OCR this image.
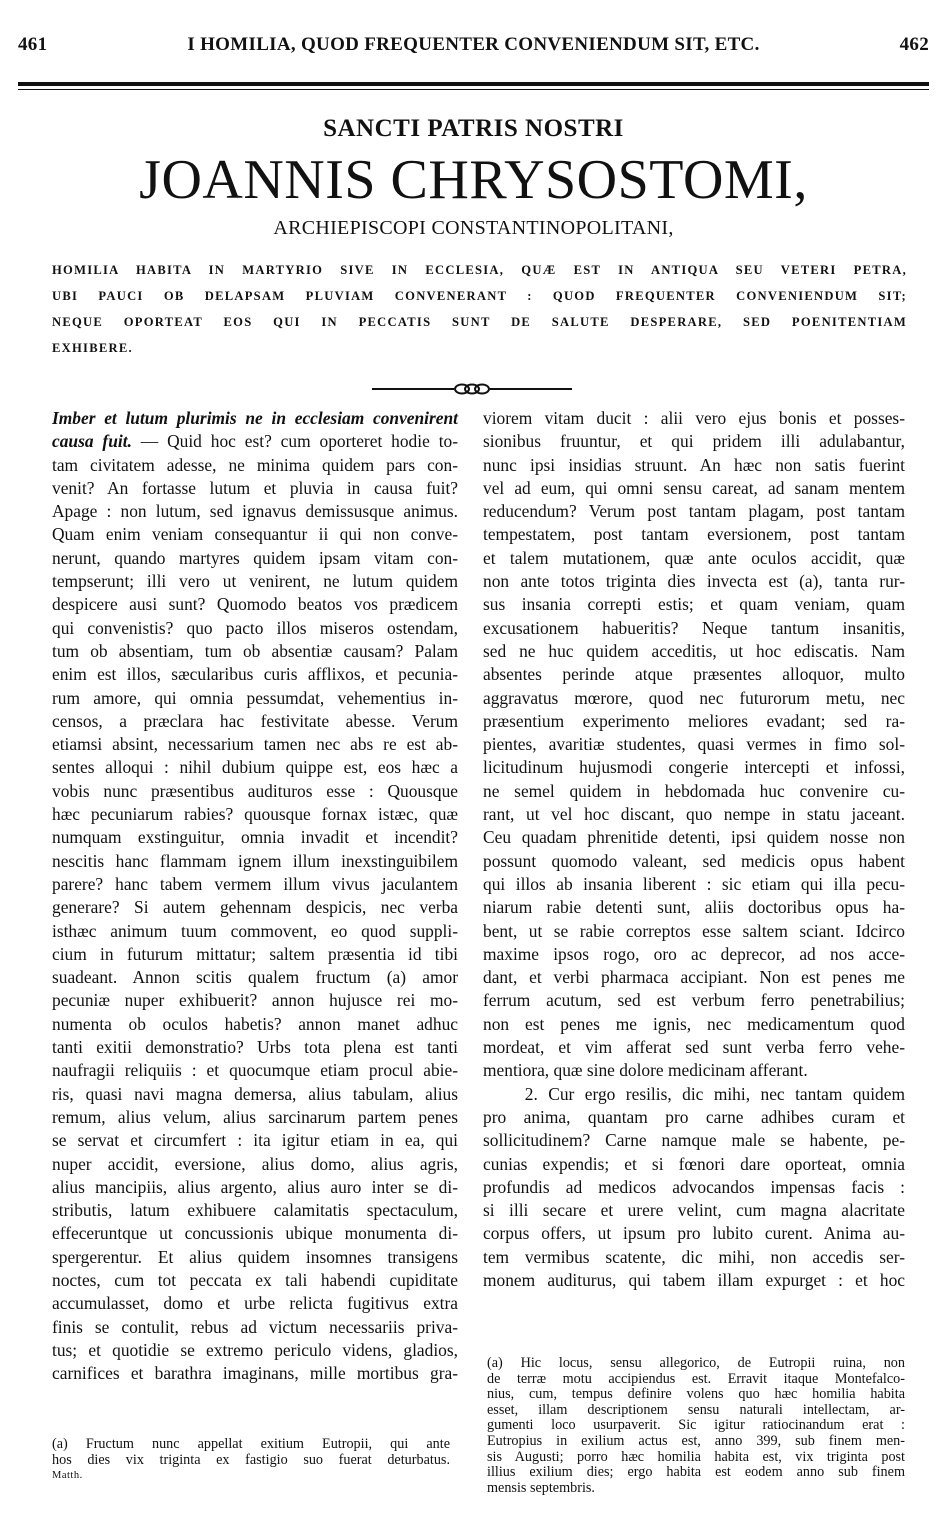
461	I HOMILIA, QUOD FREQUENTER CONVENIENDUM SIT, ETC.	462
SANCTI PATRIS NOSTRI
JOANNIS CHRYSOSTOMI,
ARCHIEPISCOPI CONSTANTINOPOLITANI,
HOMILIA HABITA IN MARTYRIO SIVE IN ECCLESIA, QUÆ EST IN ANTIQUA SEU VETERI PETRA,
UBI PAUCI OB DELAPSAM PLUVIAM CONVENERANT : QUOD FREQUENTER CONVENIENDUM SIT;
NEQUE OPORTEAT EOS QUI IN PECCATIS SUNT DE SALUTE DESPERARE, SED POENITENTIAM
EXHIBERE.
Imber et lutum plurimis ne in ecclesiam convenirent
causa fuit. — Quid hoc est? cum oporteret hodie to-
tam civitatem adesse, ne minima quidem pars con-
venit? An fortasse lutum et pluvia in causa fuit?
Apage : non lutum, sed ignavus demissusque animus.
Quam enim veniam consequantur ii qui non conve-
nerunt, quando martyres quidem ipsam vitam con-
tempserunt; illi vero ut venirent, ne lutum quidem
despicere ausi sunt? Quomodo beatos vos prædicem
qui convenistis? quo pacto illos miseros ostendam,
tum ob absentiam, tum ob absentiæ causam? Palam
enim est illos, sæcularibus curis afflixos, et pecunia-
rum amore, qui omnia pessumdat, vehementius in-
censos, a præclara hac festivitate abesse. Verum
etiamsi absint, necessarium tamen nec abs re est ab-
sentes alloqui : nihil dubium quippe est, eos hæc a
vobis nunc præsentibus audituros esse : Quousque
hæc pecuniarum rabies? quousque fornax istæc, quæ
numquam exstinguitur, omnia invadit et incendit?
nescitis hanc flammam ignem illum inexstinguibilem
parere? hanc tabem vermem illum vivus jaculantem
generare? Si autem gehennam despicis, nec verba
isthæc animum tuum commovent, eo quod suppli-
cium in futurum mittatur; saltem præsentia id tibi
suadeant. Annon scitis qualem fructum (a) amor
pecuniæ nuper exhibuerit? annon hujusce rei mo-
numenta ob oculos habetis? annon manet adhuc
tanti exitii demonstratio? Urbs tota plena est tanti
naufragii reliquiis : et quocumque etiam procul abie-
ris, quasi navi magna demersa, alius tabulam, alius
remum, alius velum, alius sarcinarum partem penes
se servat et circumfert : ita igitur etiam in ea, qui
nuper accidit, eversione, alius domo, alius agris,
alius mancipiis, alius argento, alius auro inter se di-
stributis, latum exhibuere calamitatis spectaculum,
effeceruntque ut concussionis ubique monumenta di-
spergerentur. Et alius quidem insomnes transigens
noctes, cum tot peccata ex tali habendi cupiditate
accumulasset, domo et urbe relicta fugitivus extra
finis se contulit, rebus ad victum necessariis priva-
tus; et quotidie se extremo periculo videns, gladios,
carnifices et barathra imaginans, mille mortibus gra-
viorem vitam ducit : alii vero ejus bonis et posses-
sionibus fruuntur, et qui pridem illi adulabantur,
nunc ipsi insidias struunt. An hæc non satis fuerint
vel ad eum, qui omni sensu careat, ad sanam mentem
reducendum? Verum post tantam plagam, post tantam
tempestatem, post tantam eversionem, post tantam
et talem mutationem, quæ ante oculos accidit, quæ
non ante totos triginta dies invecta est (a), tanta rur-
sus insania correpti estis; et quam veniam, quam
excusationem habueritis? Neque tantum insanitis,
sed ne huc quidem acceditis, ut hoc ediscatis. Nam
absentes perinde atque præsentes alloquor, multo
aggravatus mœrore, quod nec futurorum metu, nec
præsentium experimento meliores evadant; sed ra-
pientes, avaritiæ studentes, quasi vermes in fimo sol-
licitudinum hujusmodi congerie intercepti et infossi,
ne semel quidem in hebdomada huc convenire cu-
rant, ut vel hoc discant, quo nempe in statu jaceant.
Ceu quadam phrenitide detenti, ipsi quidem nosse non
possunt quomodo valeant, sed medicis opus habent
qui illos ab insania liberent : sic etiam qui illa pecu-
niarum rabie detenti sunt, aliis doctoribus opus ha-
bent, ut se rabie correptos esse saltem sciant. Idcirco
maxime ipsos rogo, oro ac deprecor, ad nos acce-
dant, et verbi pharmaca accipiant. Non est penes me
ferrum acutum, sed est verbum ferro penetrabilius;
non est penes me ignis, nec medicamentum quod
mordeat, et vim afferat sed sunt verba ferro vehe-
mentiora, quæ sine dolore medicinam afferant.
2. Cur ergo resilis, dic mihi, nec tantam quidem
pro anima, quantam pro carne adhibes curam et
sollicitudinem? Carne namque male se habente, pe-
cunias expendis; et si fœnori dare oporteat, omnia
profundis ad medicos advocandos impensas facis :
si illi secare et urere velint, cum magna alacritate
corpus offers, ut ipsum pro lubito curent. Anima au-
tem vermibus scatente, dic mihi, non accedis ser-
monem auditurus, qui tabem illam expurget : et hoc
(a) Fructum nunc appellat exitium Eutropii, qui ante
hos dies vix triginta ex fastigio suo fuerat deturbatus.
Matth.
(a) Hic locus, sensu allegorico, de Eutropii ruina, non
de terræ motu accipiendus est. Erravit itaque Montefalco-
nius, cum, tempus definire volens quo hæc homilia habita
esset, illam descriptionem sensu naturali intellectam, ar-
gumenti loco usurpaverit. Sic igitur ratiocinandum erat :
Eutropius in exilium actus est, anno 399, sub finem men-
sis Augusti; porro hæc homilia habita est, vix triginta post
illius exilium dies; ergo habita est eodem anno sub finem
mensis septembris.
